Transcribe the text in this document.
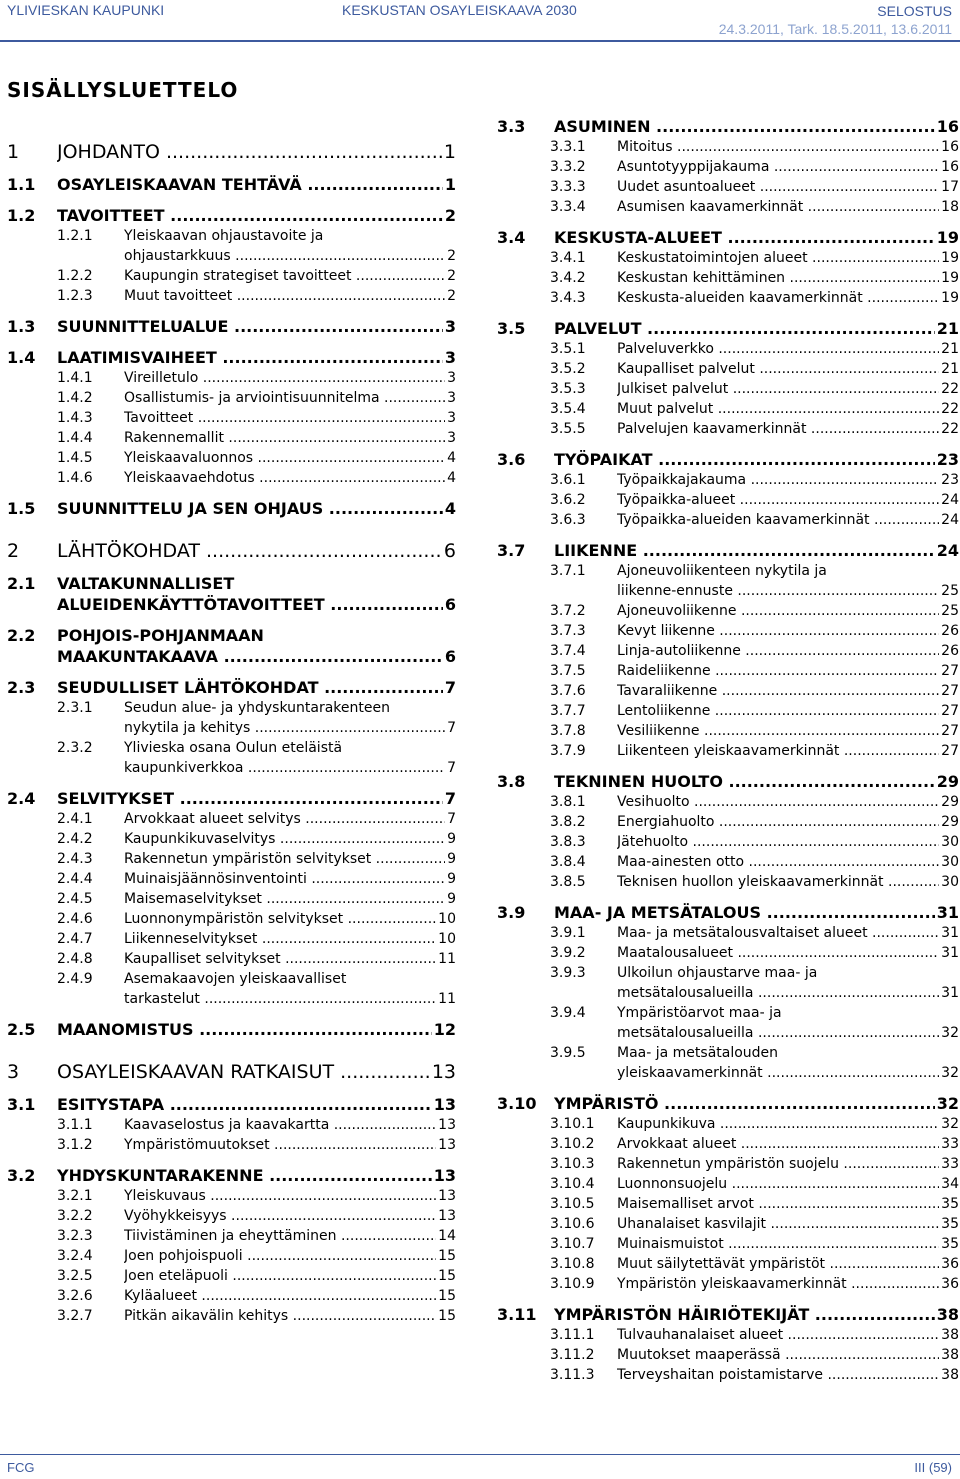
YLIVIESKAN KAUPUNKI	KESKUSTAN OSAYLEISKAAVA 2030	SELOSTUS
24.3.2011, Tark. 18.5.2011, 13.6.2011
SISÄLLYSLUETTELO
1 JOHDANTO .....	1
1.1 OSAYLEISKAAVAN TEHTÄVÄ .....	1
1.2 TAVOITTEET .....	2
1.2.1 Yleiskaavan ohjaustavoite ja
ohjaustarkkuus .....	2
1.2.2 Kaupungin strategiset tavoitteet .....	2
1.2.3 Muut tavoitteet .....	2
1.3 SUUNNITTELUALUE .....	3
1.4 LAATIMISVAIHEET .....	3
1.4.1 Vireilletulo .....	3
1.4.2 Osallistumis- ja arviointisuunnitelma .....	3
1.4.3 Tavoitteet .....	3
1.4.4 Rakennemallit .....	3
1.4.5 Yleiskaavaluonnos .....	4
1.4.6 Yleiskaavaehdotus .....	4
1.5 SUUNNITTELU JA SEN OHJAUS .....	4
2 LÄHTÖKOHDAT .....	6
2.1 VALTAKUNNALLISET
ALUEIDENKÄYTTÖTAVOITTEET .....	6
2.2 POHJOIS-POHJANMAAN
MAAKUNTAKAAVA .....	6
2.3 SEUDULLISET LÄHTÖKOHDAT .....	7
2.3.1 Seudun alue- ja yhdyskuntarakenteen
nykytila ja kehitys .....	7
2.3.2 Ylivieska osana Oulun eteläistä
kaupunkiverkkoa .....	7
2.4 SELVITYKSET .....	7
2.4.1 Arvokkaat alueet selvitys .....	7
2.4.2 Kaupunkikuvaselvitys .....	9
2.4.3 Rakennetun ympäristön selvitykset .....	9
2.4.4 Muinaisjäännösinventointi .....	9
2.4.5 Maisemaselvitykset .....	9
2.4.6 Luonnonympäristön selvitykset .....	10
2.4.7 Liikenneselvitykset .....	10
2.4.8 Kaupalliset selvitykset .....	11
2.4.9 Asemakaavojen yleiskaavalliset
tarkastelut .....	11
2.5 MAANOMISTUS .....	12
3 OSAYLEISKAAVAN RATKAISUT .....	13
3.1 ESITYSTAPA .....	13
3.1.1 Kaavaselostus ja kaavakartta .....	13
3.1.2 Ympäristömuutokset .....	13
3.2 YHDYSKUNTARAKENNE .....	13
3.2.1 Yleiskuvaus .....	13
3.2.2 Vyöhykkeisyys .....	13
3.2.3 Tiivistäminen ja eheyttäminen .....	14
3.2.4 Joen pohjoispuoli .....	15
3.2.5 Joen eteläpuoli .....	15
3.2.6 Kyläalueet .....	15
3.2.7 Pitkän aikavälin kehitys .....	15
3.3 ASUMINEN .....	16
3.3.1 Mitoitus .....	16
3.3.2 Asuntotyyppijakauma .....	16
3.3.3 Uudet asuntoalueet .....	17
3.3.4 Asumisen kaavamerkinnät .....	18
3.4 KESKUSTA-ALUEET .....	19
3.4.1 Keskustatoimintojen alueet .....	19
3.4.2 Keskustan kehittäminen .....	19
3.4.3 Keskusta-alueiden kaavamerkinnät .....	19
3.5 PALVELUT .....	21
3.5.1 Palveluverkko .....	21
3.5.2 Kaupalliset palvelut .....	21
3.5.3 Julkiset palvelut .....	22
3.5.4 Muut palvelut .....	22
3.5.5 Palvelujen kaavamerkinnät .....	22
3.6 TYÖPAIKAT .....	23
3.6.1 Työpaikkajakauma .....	23
3.6.2 Työpaikka-alueet .....	24
3.6.3 Työpaikka-alueiden kaavamerkinnät .....	24
3.7 LIIKENNE .....	24
3.7.1 Ajoneuvoliikenteen nykytila ja
liikenne-ennuste .....	25
3.7.2 Ajoneuvoliikenne .....	25
3.7.3 Kevyt liikenne .....	26
3.7.4 Linja-autoliikenne .....	26
3.7.5 Raideliikenne .....	27
3.7.6 Tavaraliikenne .....	27
3.7.7 Lentoliikenne .....	27
3.7.8 Vesiliikenne .....	27
3.7.9 Liikenteen yleiskaavamerkinnät .....	27
3.8 TEKNINEN HUOLTO .....	29
3.8.1 Vesihuolto .....	29
3.8.2 Energiahuolto .....	29
3.8.3 Jätehuolto .....	30
3.8.4 Maa-ainesten otto .....	30
3.8.5 Teknisen huollon yleiskaavamerkinnät .....	30
3.9 MAA- JA METSÄTALOUS .....	31
3.9.1 Maa- ja metsätalousvaltaiset alueet .....	31
3.9.2 Maatalousalueet .....	31
3.9.3 Ulkoilun ohjaustarve maa- ja
metsätalousalueilla .....	31
3.9.4 Ympäristöarvot maa- ja
metsätalousalueilla .....	32
3.9.5 Maa- ja metsätalouden
yleiskaavamerkinnät .....	32
3.10 YMPÄRISTÖ .....	32
3.10.1 Kaupunkikuva .....	32
3.10.2 Arvokkaat alueet .....	33
3.10.3 Rakennetun ympäristön suojelu .....	33
3.10.4 Luonnonsuojelu .....	34
3.10.5 Maisemalliset arvot .....	35
3.10.6 Uhanalaiset kasvilajit .....	35
3.10.7 Muinaismuistot .....	35
3.10.8 Muut säilytettävät ympäristöt .....	36
3.10.9 Ympäristön yleiskaavamerkinnät .....	36
3.11 YMPÄRISTÖN HÄIRIÖTEKIJÄT .....	38
3.11.1 Tulvauhanalaiset alueet .....	38
3.11.2 Muutokset maaperässä .....	38
3.11.3 Terveyshaitan poistamistarve .....	38
FCG	III (59)
